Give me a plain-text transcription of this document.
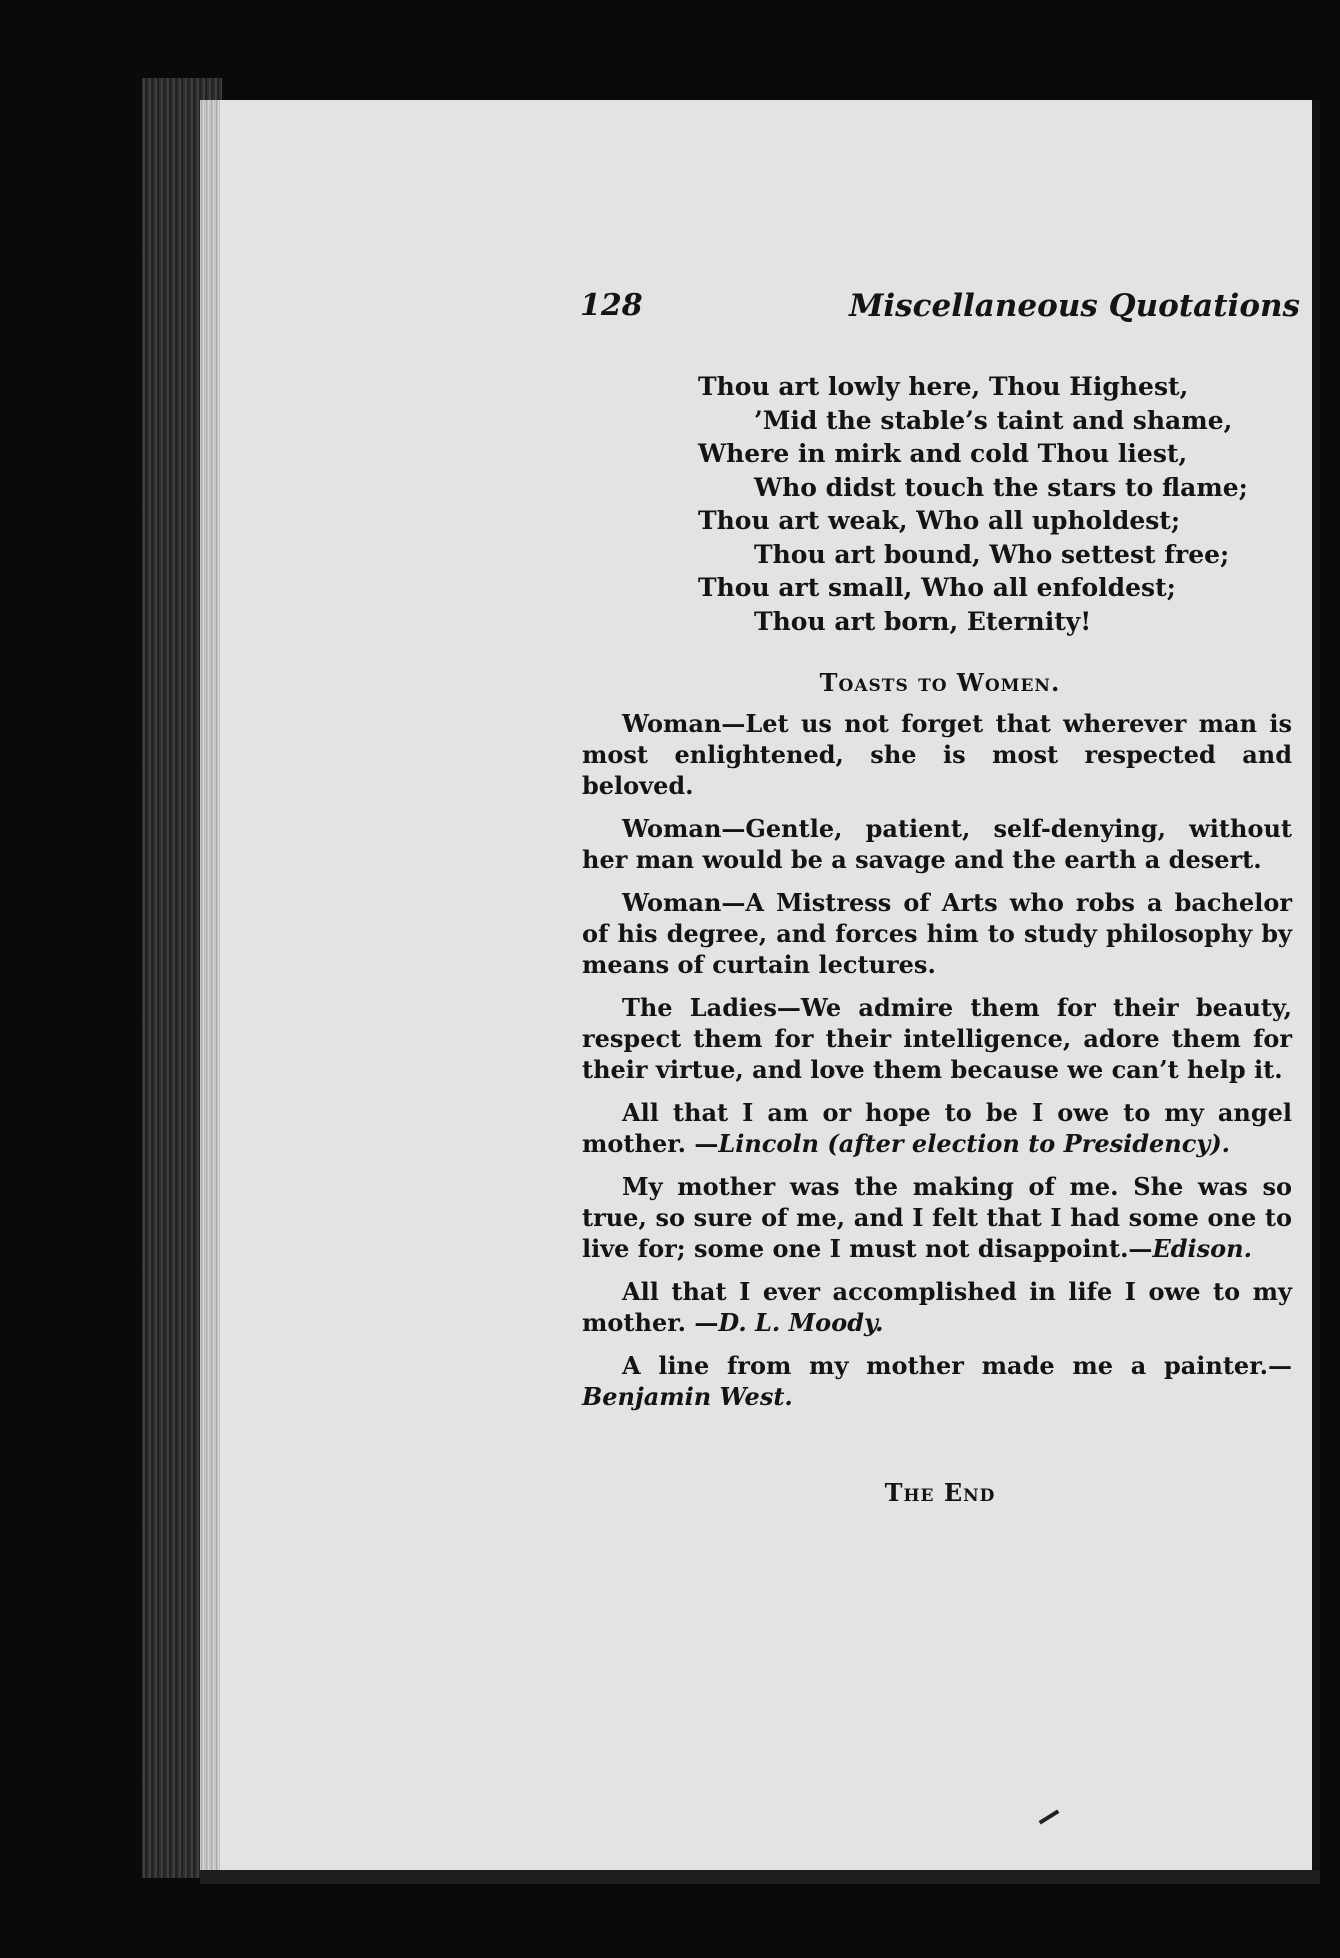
128	Miscellaneous Quotations
Thou art lowly here, Thou Highest,
’Mid the stable’s taint and shame,
Where in mirk and cold Thou liest,
Who didst touch the stars to flame;
Thou art weak, Who all upholdest;
Thou art bound, Who settest free;
Thou art small, Who all enfoldest;
Thou art born, Eternity!
Toasts to Women.

Woman—Let us not forget that wherever man is most enlightened, she is most respected and beloved.

Woman—Gentle, patient, self-denying, without her man would be a savage and the earth a desert.

Woman—A Mistress of Arts who robs a bachelor of his degree, and forces him to study philosophy by means of curtain lectures.

The Ladies—We admire them for their beauty, respect them for their intelligence, adore them for their virtue, and love them because we can’t help it.

All that I am or hope to be I owe to my angel mother. —Lincoln (after election to Presidency).

My mother was the making of me. She was so true, so sure of me, and I felt that I had some one to live for; some one I must not disappoint.—Edison.

All that I ever accomplished in life I owe to my mother. —D. L. Moody.

A line from my mother made me a painter.—Benjamin West.

The End
